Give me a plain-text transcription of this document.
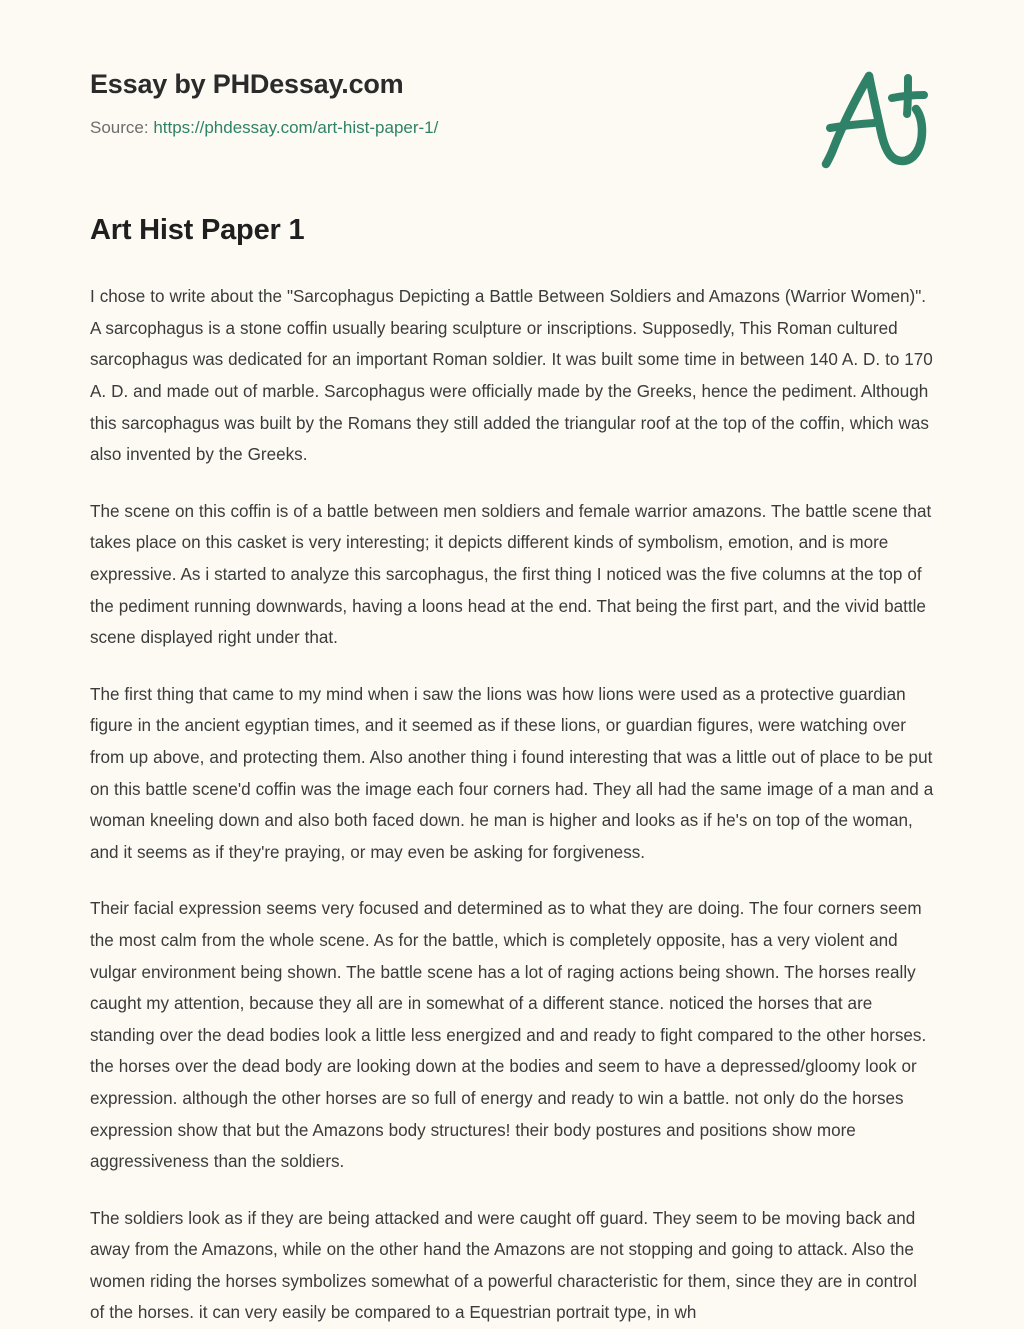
Essay by PHDessay.com
Source: https://phdessay.com/art-hist-paper-1/
Art Hist Paper 1

I chose to write about the "Sarcophagus Depicting a Battle Between Soldiers and Amazons (Warrior Women)". A sarcophagus is a stone coffin usually bearing sculpture or inscriptions. Supposedly, This Roman cultured sarcophagus was dedicated for an important Roman soldier. It was built some time in between 140 A. D. to 170 A. D. and made out of marble. Sarcophagus were officially made by the Greeks, hence the pediment. Although this sarcophagus was built by the Romans they still added the triangular roof at the top of the coffin, which was also invented by the Greeks.

The scene on this coffin is of a battle between men soldiers and female warrior amazons. The battle scene that takes place on this casket is very interesting; it depicts different kinds of symbolism, emotion, and is more expressive. As i started to analyze this sarcophagus, the first thing I noticed was the five columns at the top of the pediment running downwards, having a loons head at the end. That being the first part, and the vivid battle scene displayed right under that.

The first thing that came to my mind when i saw the lions was how lions were used as a protective guardian figure in the ancient egyptian times, and it seemed as if these lions, or guardian figures, were watching over from up above, and protecting them. Also another thing i found interesting that was a little out of place to be put on this battle scene'd coffin was the image each four corners had. They all had the same image of a man and a woman kneeling down and also both faced down. he man is higher and looks as if he's on top of the woman, and it seems as if they're praying, or may even be asking for forgiveness.

Their facial expression seems very focused and determined as to what they are doing. The four corners seem the most calm from the whole scene. As for the battle, which is completely opposite, has a very violent and vulgar environment being shown. The battle scene has a lot of raging actions being shown. The horses really caught my attention, because they all are in somewhat of a different stance. noticed the horses that are standing over the dead bodies look a little less energized and and ready to fight compared to the other horses. the horses over the dead body are looking down at the bodies and seem to have a depressed/gloomy look or expression. although the other horses are so full of energy and ready to win a battle. not only do the horses expression show that but the Amazons body structures! their body postures and positions show more aggressiveness than the soldiers.

The soldiers look as if they are being attacked and were caught off guard. They seem to be moving back and away from the Amazons, while on the other hand the Amazons are not stopping and going to attack. Also the women riding the horses symbolizes somewhat of a powerful characteristic for them, since they are in control of the horses. it can very easily be compared to a Equestrian portrait type, in wh
